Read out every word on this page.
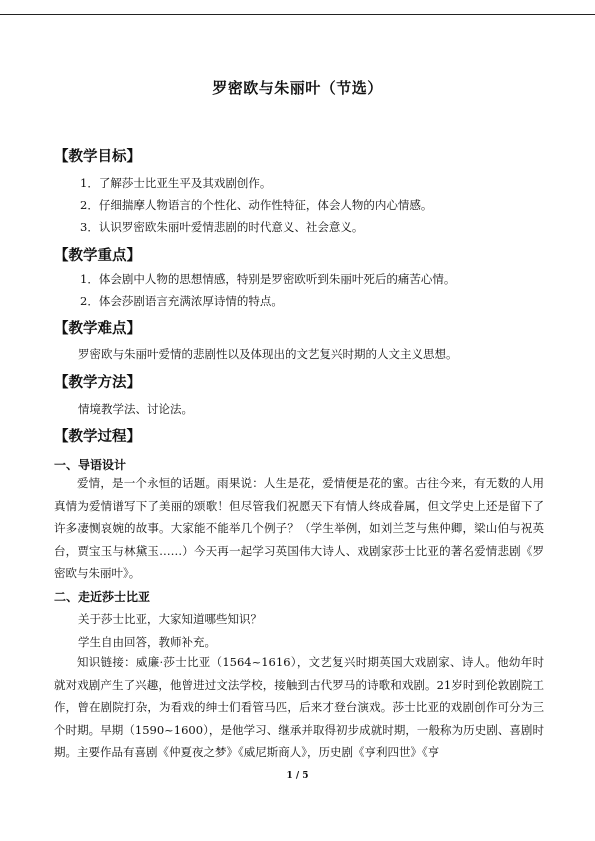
罗密欧与朱丽叶（节选）
【教学目标】
1．了解莎士比亚生平及其戏剧创作。
2．仔细揣摩人物语言的个性化、动作性特征，体会人物的内心情感。
3．认识罗密欧朱丽叶爱情悲剧的时代意义、社会意义。
【教学重点】
1．体会剧中人物的思想情感，特别是罗密欧听到朱丽叶死后的痛苦心情。
2．体会莎剧语言充满浓厚诗情的特点。
【教学难点】
罗密欧与朱丽叶爱情的悲剧性以及体现出的文艺复兴时期的人文主义思想。
【教学方法】
情境教学法、讨论法。
【教学过程】
一、导语设计
爱情，是一个永恒的话题。雨果说：人生是花，爱情便是花的蜜。古往今来，有无数的人用真情为爱情谱写下了美丽的颂歌！但尽管我们祝愿天下有情人终成眷属，但文学史上还是留下了许多凄恻哀婉的故事。大家能不能举几个例子？（学生举例，如刘兰芝与焦仲卿，梁山伯与祝英台，贾宝玉与林黛玉……）今天再一起学习英国伟大诗人、戏剧家莎士比亚的著名爱情悲剧《罗密欧与朱丽叶》。
二、走近莎士比亚
关于莎士比亚，大家知道哪些知识？
学生自由回答，教师补充。
知识链接：威廉·莎士比亚（1564~1616），文艺复兴时期英国大戏剧家、诗人。他幼年时就对戏剧产生了兴趣，他曾进过文法学校，接触到古代罗马的诗歌和戏剧。21岁时到伦敦剧院工作，曾在剧院打杂，为看戏的绅士们看管马匹，后来才登台演戏。莎士比亚的戏剧创作可分为三个时期。早期（1590~1600），是他学习、继承并取得初步成就时期，一般称为历史剧、喜剧时期。主要作品有喜剧《仲夏夜之梦》《威尼斯商人》，历史剧《亨利四世》《亨
1 / 5
